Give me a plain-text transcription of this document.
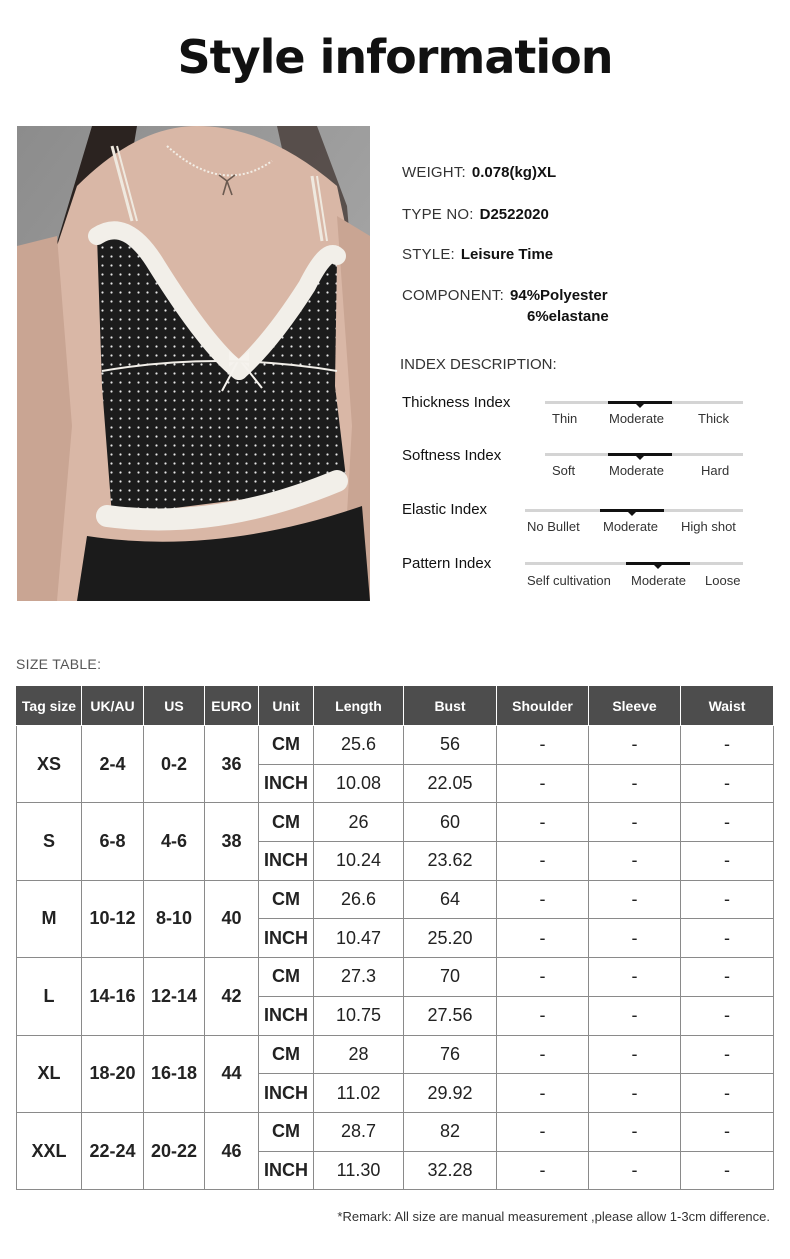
Style information
WEIGHT: 0.078(kg)XL
TYPE NO: D2522020
STYLE: Leisure Time
COMPONENT: 94%Polyester
6%elastane
INDEX DESCRIPTION:
Thickness Index
Thin Moderate	Thick
Softness Index
Soft	Moderate	Hard
Elastic Index
No Bullet Moderate High shot
Pattern Index
Self cultivation Moderate Loose
SIZE TABLE:
Tag size	UK/AU	US	EURO	Unit	Length	Bust	Shoulder	Sleeve	Waist
XS	2-4	0-2	36	CM	25.6	56	-	-	-
				INCH	10.08	22.05	-	-	-
S	6-8	4-6	38	CM	26	60	-	-	-
				INCH	10.24	23.62	-	-	-
M	10-12	8-10	40	CM	26.6	64	-	-	-
				INCH	10.47	25.20	-	-	-
L	14-16	12-14	42	CM	27.3	70	-	-	-
				INCH	10.75	27.56	-	-	-
XL	18-20	16-18	44	CM	28	76	-	-	-
				INCH	11.02	29.92	-	-	-
XXL	22-24	20-22	46	CM	28.7	82	-	-	-
				INCH	11.30	32.28	-	-	-
*Remark: All size are manual measurement ,please allow 1-3cm difference.
